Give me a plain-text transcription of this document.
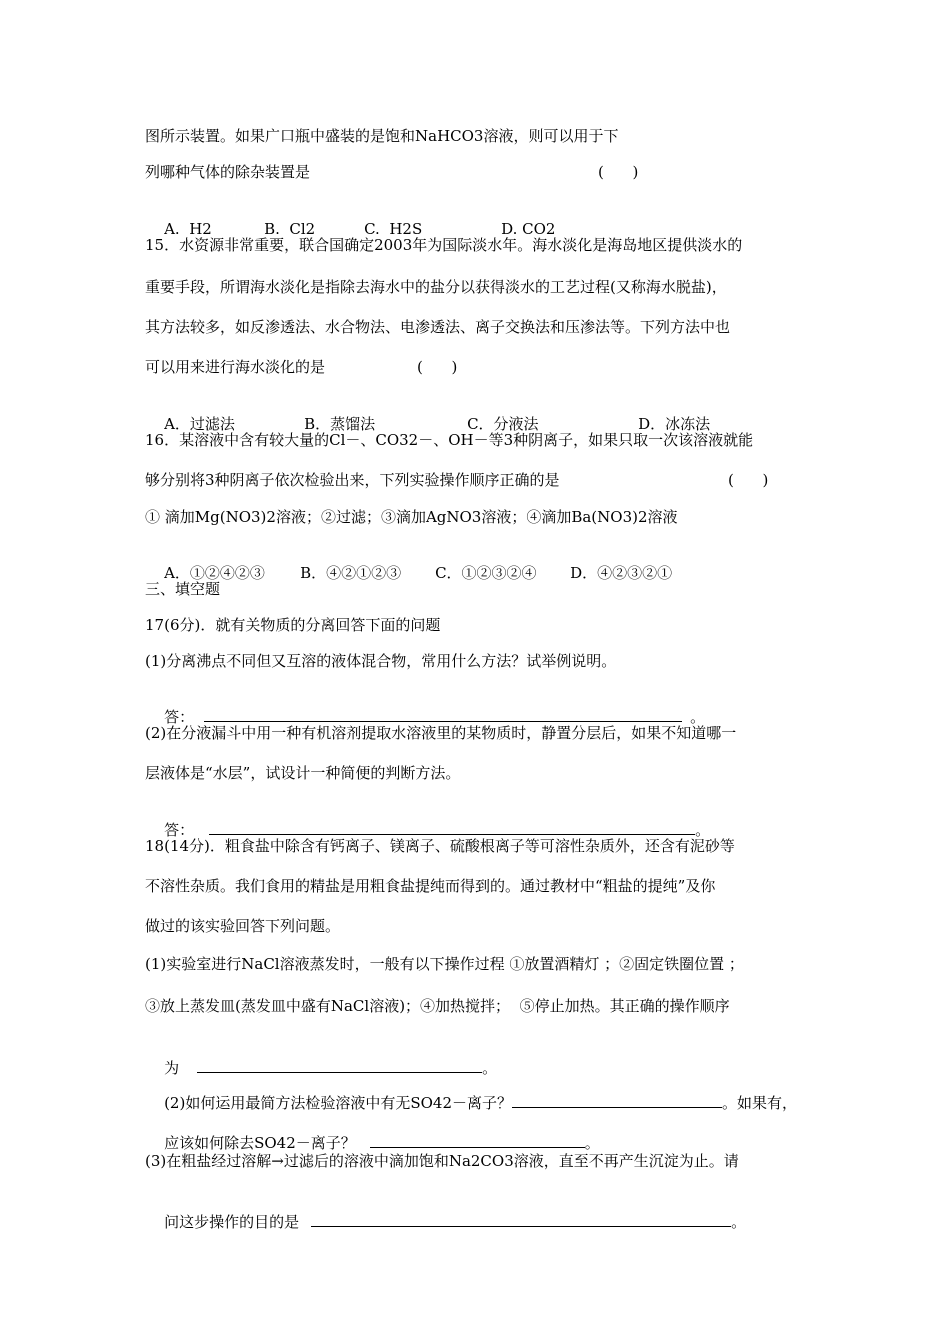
图所示装置。如果广口瓶中盛装的是饱和NaHCO3溶液，则可以用于下
列哪种气体的除杂装置是	(      )

A.  H2	B.  Cl2	C.  H2S	D. CO2

15．水资源非常重要，联合国确定2003年为国际淡水年。海水淡化是海岛地区提供淡水的
重要手段，所谓海水淡化是指除去海水中的盐分以获得淡水的工艺过程(又称海水脱盐)，
其方法较多，如反渗透法、水合物法、电渗透法、离子交换法和压渗法等。下列方法中也
可以用来进行海水淡化的是	(      )

A．过滤法	B．蒸馏法	C．分液法	D．冰冻法

16．某溶液中含有较大量的Cl－、CO32－、OH－等3种阴离子，如果只取一次该溶液就能
够分别将3种阴离子依次检验出来，下列实验操作顺序正确的是	(      )
① 滴加Mg(NO3)2溶液；②过滤；③滴加AgNO3溶液；④滴加Ba(NO3)2溶液

A．①②④②③ B．④②①②③ C．①②③②④ D．④②③②①

三、填空题
17(6分)．就有关物质的分离回答下面的问题
(1)分离沸点不同但又互溶的液体混合物，常用什么方法？试举例说明。

答：	。

(2)在分液漏斗中用一种有机溶剂提取水溶液里的某物质时，静置分层后，如果不知道哪一
层液体是“水层”，试设计一种简便的判断方法。

答：	。

18(14分)．粗食盐中除含有钙离子、镁离子、硫酸根离子等可溶性杂质外，还含有泥砂等
不溶性杂质。我们食用的精盐是用粗食盐提纯而得到的。通过教材中“粗盐的提纯”及你
做过的该实验回答下列问题。
(1)实验室进行NaCl溶液蒸发时，一般有以下操作过程 ①放置酒精灯 ；②固定铁圈位置 ；
③放上蒸发皿(蒸发皿中盛有NaCl溶液)；④加热搅拌；  ⑤停止加热。其正确的操作顺序

为	。

(2)如何运用最简方法检验溶液中有无SO42－离子？	。如果有，

应该如何除去SO42－离子？	。

(3)在粗盐经过溶解→过滤后的溶液中滴加饱和Na2CO3溶液，直至不再产生沉淀为止。请

问这步操作的目的是	。
